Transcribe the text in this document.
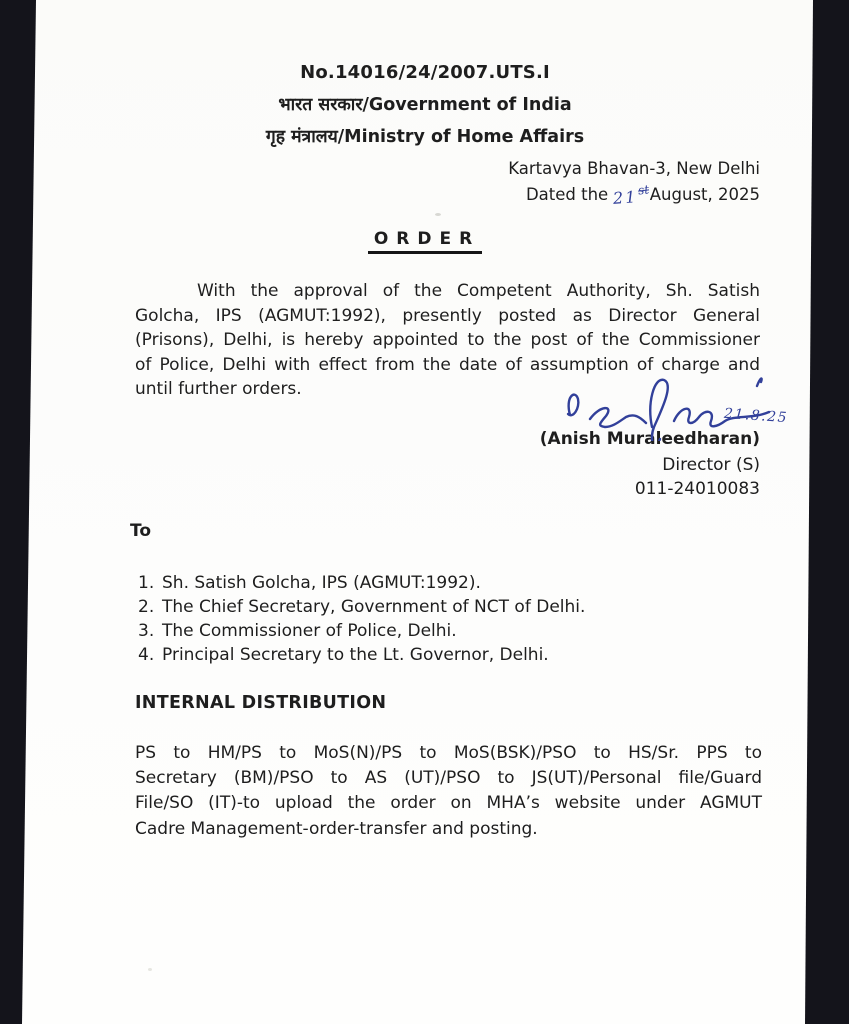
No.14016/24/2007.UTS.I
भारत सरकार/Government of India
गृह मंत्रालय/Ministry of Home Affairs
Kartavya Bhavan-3, New Delhi
Dated the 21stAugust, 2025
ORDER
With the approval of the Competent Authority, Sh. Satish
Golcha, IPS (AGMUT:1992), presently posted as Director General
(Prisons), Delhi, is hereby appointed to the post of the Commissioner
of Police, Delhi with effect from the date of assumption of charge and
until further orders.
21.8.25
(Anish Muraleedharan)
Director (S)
011-24010083
To
1. Sh. Satish Golcha, IPS (AGMUT:1992).
2. The Chief Secretary, Government of NCT of Delhi.
3. The Commissioner of Police, Delhi.
4. Principal Secretary to the Lt. Governor, Delhi.
INTERNAL DISTRIBUTION
PS to HM/PS to MoS(N)/PS to MoS(BSK)/PSO to HS/Sr. PPS to
Secretary (BM)/PSO to AS (UT)/PSO to JS(UT)/Personal file/Guard
File/SO (IT)-to upload the order on MHA’s website under AGMUT
Cadre Management-order-transfer and posting.
